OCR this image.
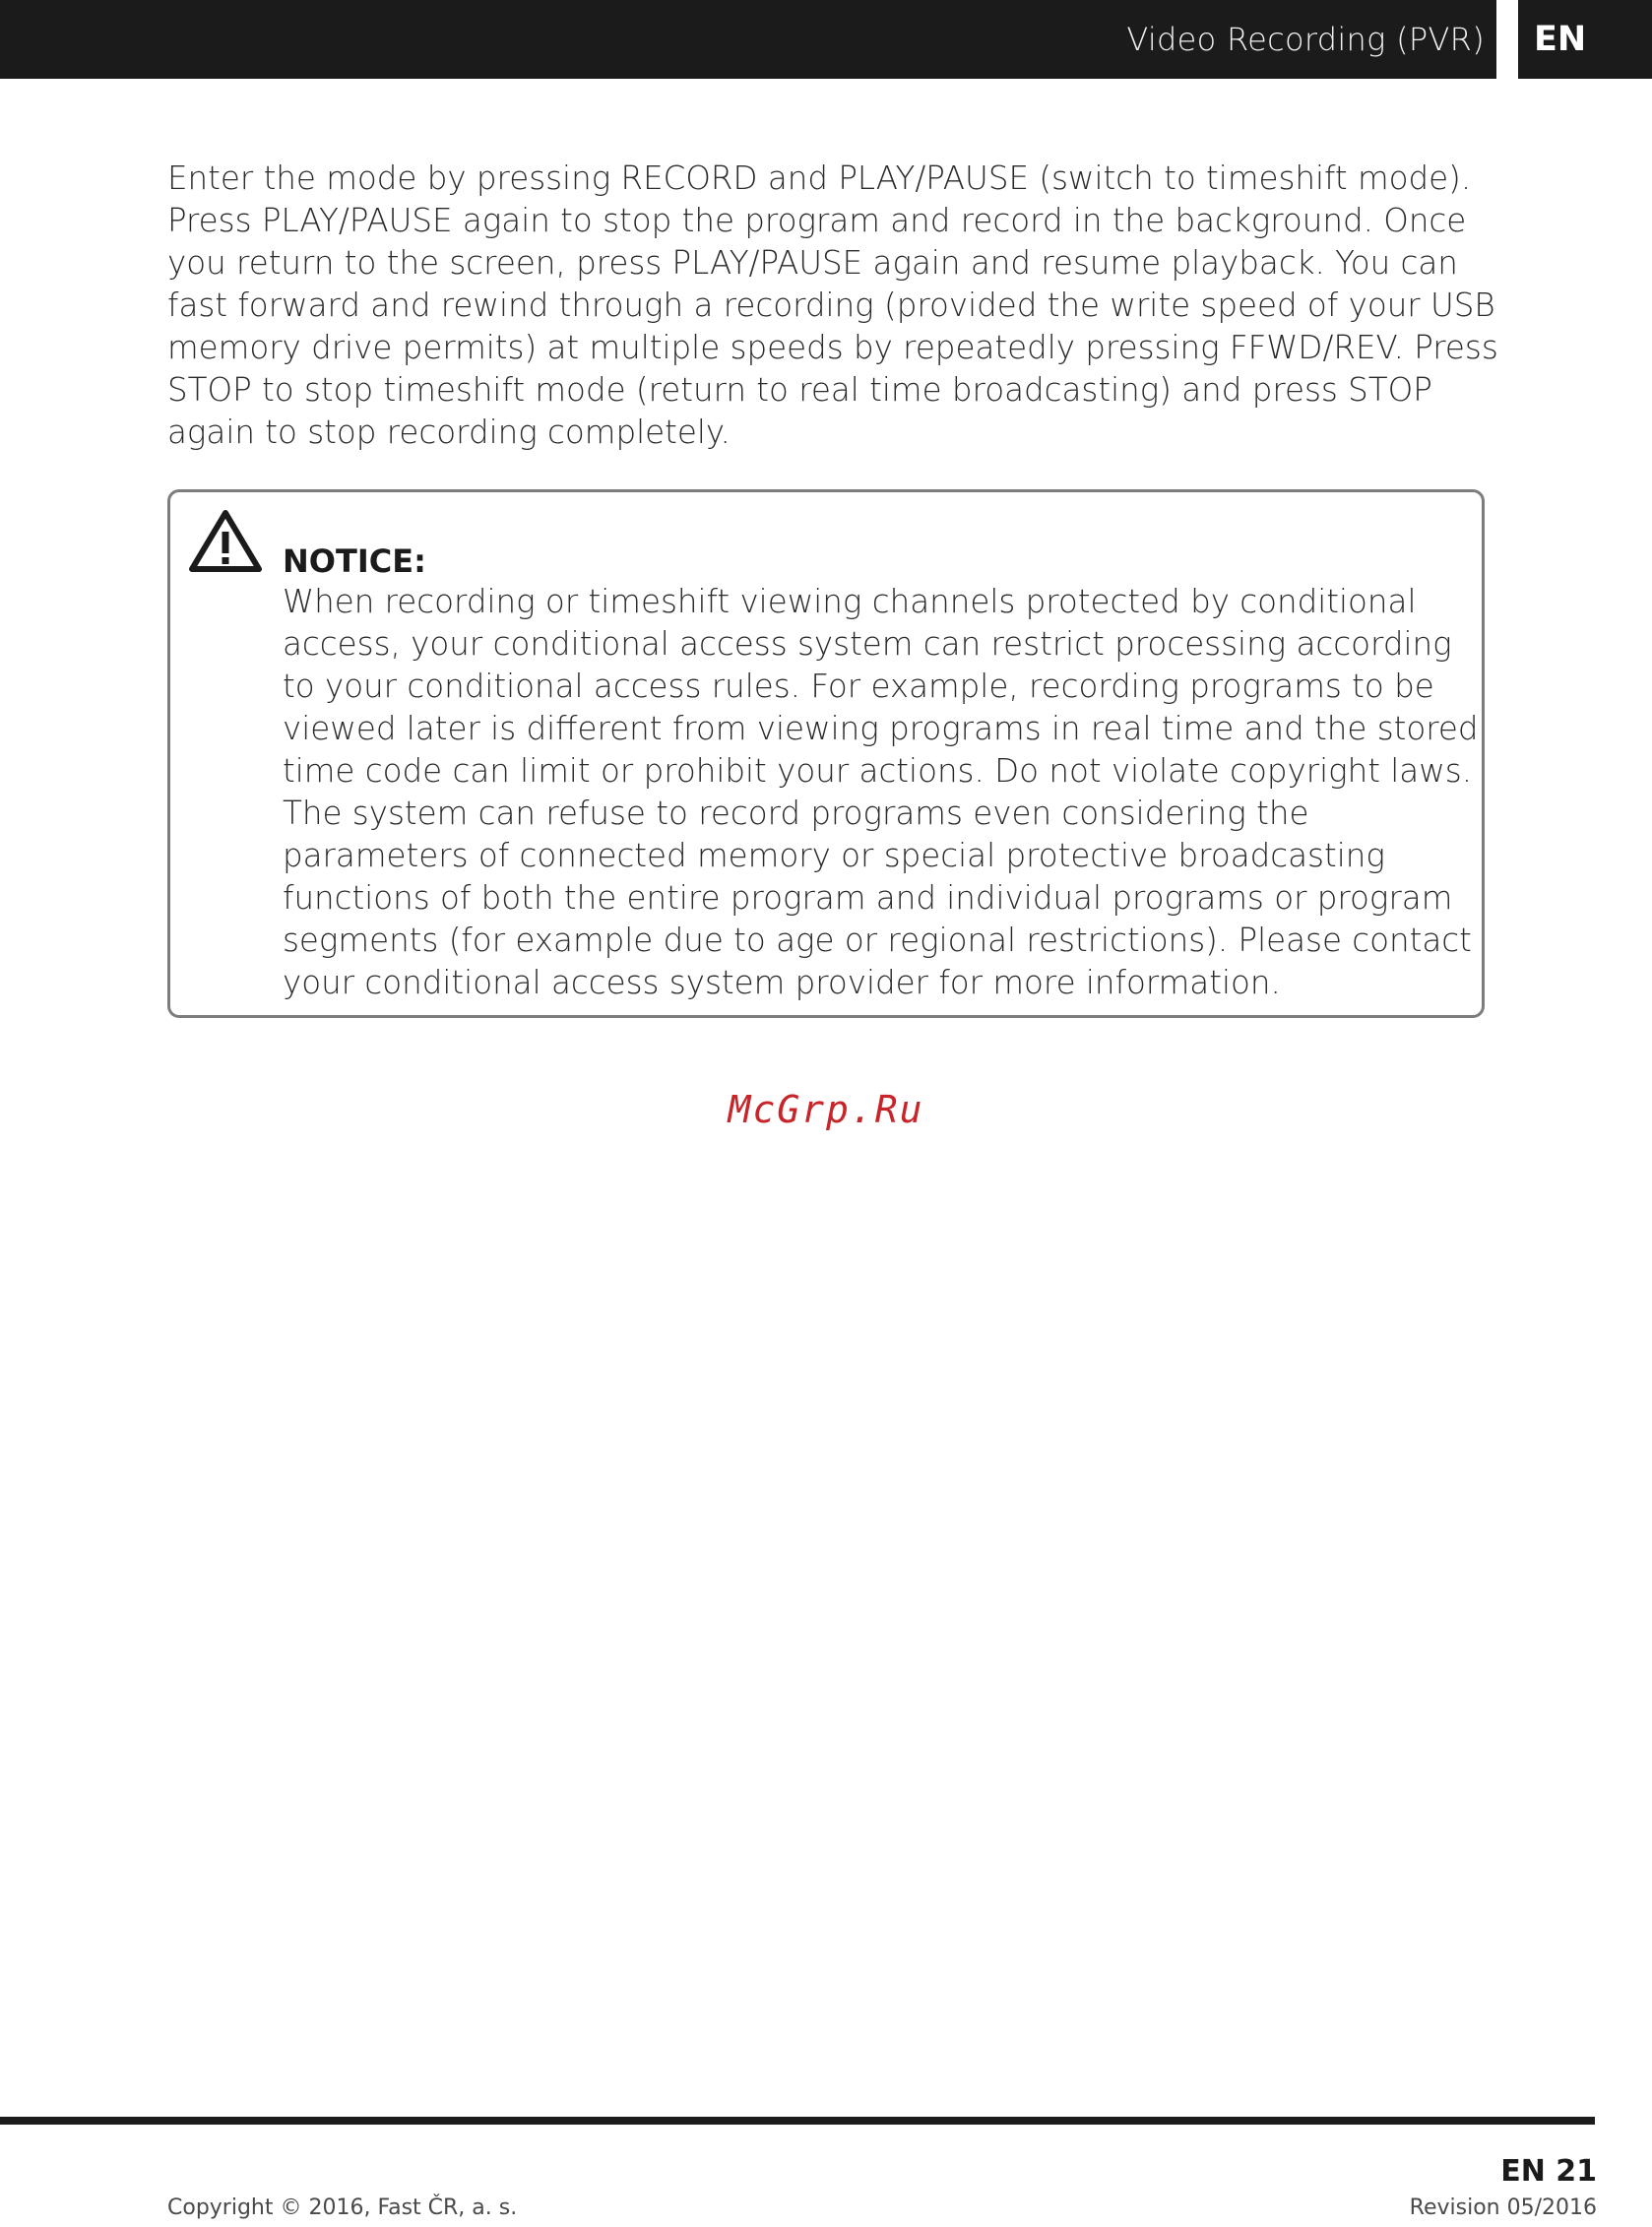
Video Recording (PVR)	EN

Enter the mode by pressing RECORD and PLAY/PAUSE (switch to timeshift mode). Press PLAY/PAUSE again to stop the program and record in the background. Once you return to the screen, press PLAY/PAUSE again and resume playback. You can fast forward and rewind through a recording (provided the write speed of your USB memory drive permits) at multiple speeds by repeatedly pressing FFWD/REV. Press STOP to stop timeshift mode (return to real time broadcasting) and press STOP again to stop recording completely.

NOTICE:

When recording or timeshift viewing channels protected by conditional access, your conditional access system can restrict processing according to your conditional access rules. For example, recording programs to be viewed later is different from viewing programs in real time and the stored time code can limit or prohibit your actions. Do not violate copyright laws. The system can refuse to record programs even considering the parameters of connected memory or special protective broadcasting functions of both the entire program and individual programs or program segments (for example due to age or regional restrictions). Please contact your conditional access system provider for more information.

McGrp.Ru
EN 21
Copyright © 2016, Fast ČR, a. s.	Revision 05/2016
